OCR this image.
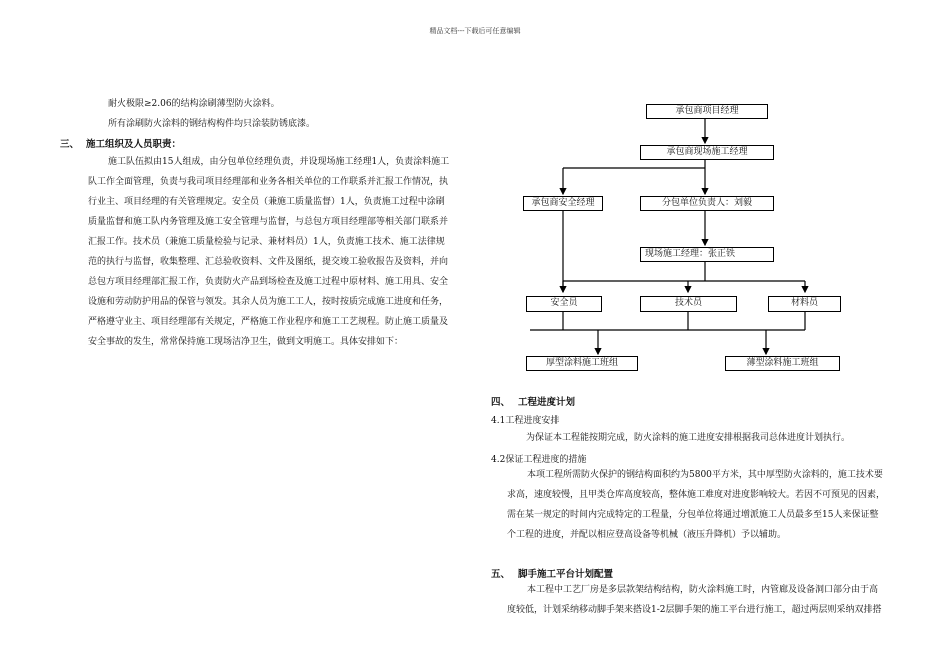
精品文档---下载后可任意编辑
耐火极限≥2.06的结构涂刷薄型防火涂料。
所有涂刷防火涂料的钢结构构件均只涂装防锈底漆。
三、 施工组织及人员职责：
施工队伍拟由15人组成，由分包单位经理负责，并设现场施工经理1人，负责涂料施工
队工作全面管理，负责与我司项目经理部和业务各相关单位的工作联系并汇报工作情况，执
行业主、项目经理的有关管理规定。安全员（兼施工质量监督）1人，负责施工过程中涂刷
质量监督和施工队内务管理及施工安全管理与监督，与总包方项目经理部等相关部门联系并
汇报工作。技术员（兼施工质量检验与记录、兼材料员）1人，负责施工技术、施工法律规
范的执行与监督，收集整理、汇总验收资料、文件及图纸，提交竣工验收报告及资料，并向
总包方项目经理部汇报工作，负责防火产品到场检查及施工过程中原材料、施工用具、安全
设施和劳动防护用品的保管与领发。其余人员为施工工人，按时按质完成施工进度和任务，
严格遵守业主、项目经理部有关规定，严格施工作业程序和施工工艺规程。防止施工质量及
安全事故的发生，常常保持施工现场洁净卫生，做到文明施工。具体安排如下：
承包商项目经理
承包商现场施工经理
承包商安全经理	分包单位负责人：刘毅
现场施工经理：张正铁
安全员	技术员	材料员
厚型涂料施工班组	薄型涂料施工班组
四、 工程进度计划
4.1工程进度安排
为保证本工程能按期完成，防火涂料的施工进度安排根据我司总体进度计划执行。
4.2保证工程进度的措施
本项工程所需防火保护的钢结构面积约为5800平方米，其中厚型防火涂料的，施工技术要
求高，速度较慢，且甲类仓库高度较高，整体施工难度对进度影响较大。若因不可预见的因素，
需在某一规定的时间内完成特定的工程量，分包单位将通过增派施工人员最多至15人来保证整
个工程的进度，并配以相应登高设备等机械（液压升降机）予以辅助。
五、 脚手施工平台计划配置
本工程中工艺厂房是多层款架结构结构，防火涂料施工时，内管廊及设备洞口部分由于高
度较低，计划采纳移动脚手架来搭设1-2层脚手架的施工平台进行施工，超过两层则采纳双排搭
